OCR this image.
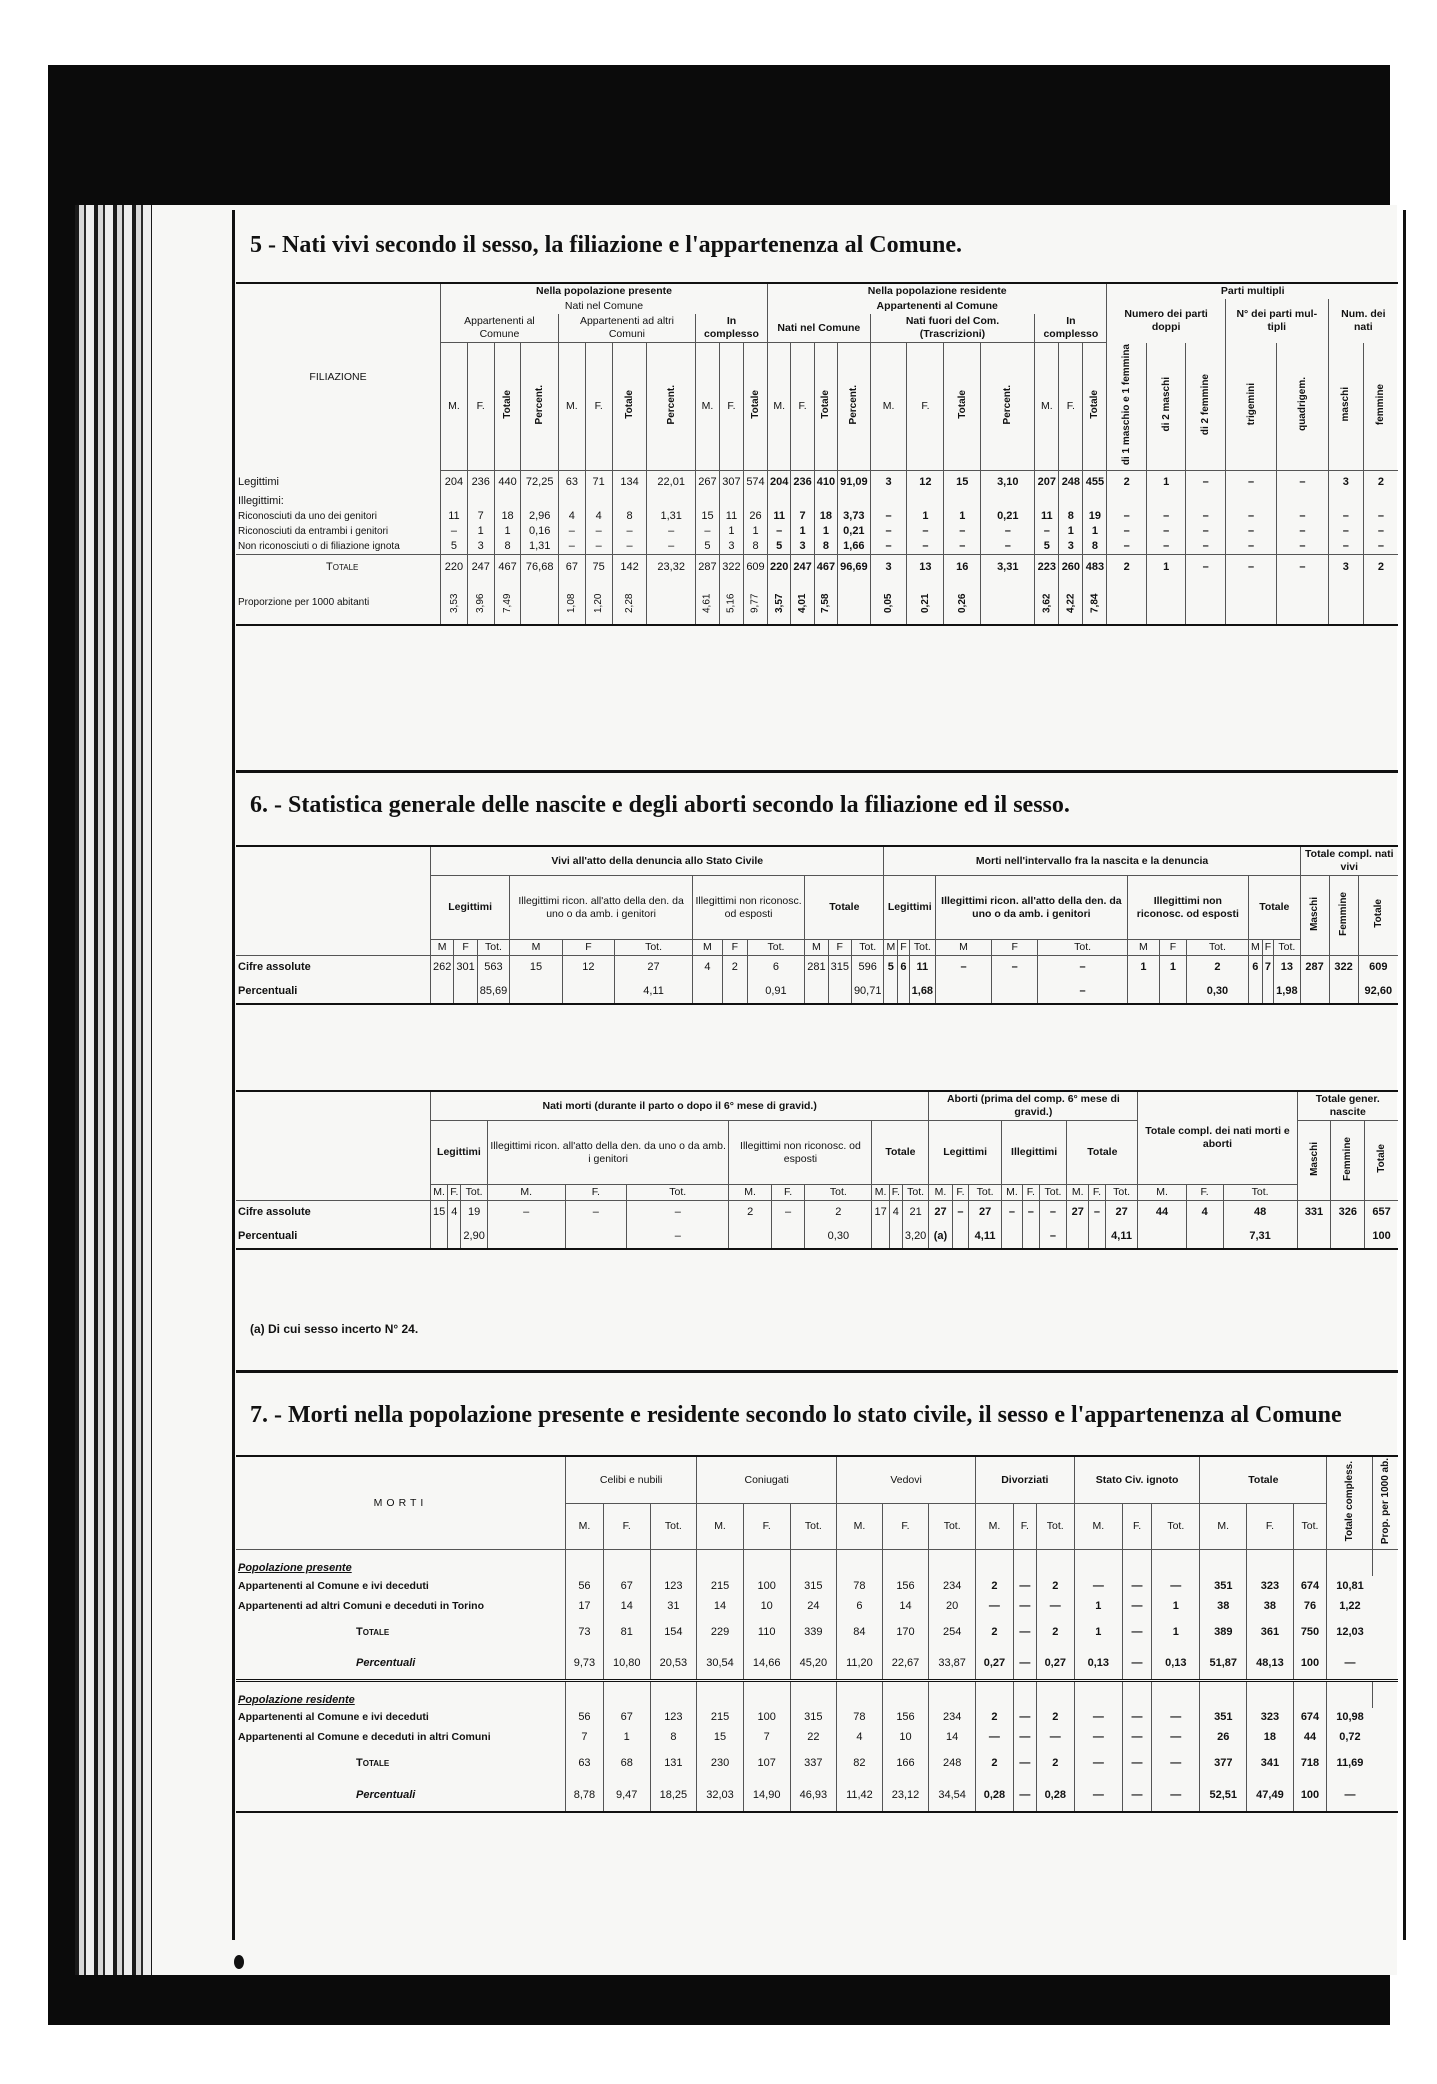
5 - Nati vivi secondo il sesso, la filiazione e l'appartenenza al Comune.
FILIAZIONE	Nella popolazione presente											Nella popolazione residente											Parti multipli						
	Nati nel Comune											Appartenenti al Comune											Numero dei parti doppi			N° dei parti mul-tipli		Num. dei nati	
	Appartenenti al Comune				Appartenenti ad altri Comuni				In complesso			Nati nel Comune				Nati fuori del Com. (Trascrizioni)				In complesso									
	M.	F.	Totale	Percent.	M.	F.	Totale	Percent.	M.	F.	Totale	M.	F.	Totale	Percent.	M.	F.	Totale	Percent.	M.	F.	Totale	di 1 maschio e 1 femmina	di 2 maschi	di 2 femmine	trigemini	quadrigem.	maschi	femmine
Legittimi	204	236	440	72,25	63	71	134	22,01	267	307	574	204	236	410	91,09	3	12	15	3,10	207	248	455	2	1	–	–	–	3	2
Illegittimi:																													
Riconosciuti da uno dei genitori	11	7	18	2,96	4	4	8	1,31	15	11	26	11	7	18	3,73	–	1	1	0,21	11	8	19	–	–	–	–	–	–	–
Riconosciuti da entrambi i genitori	–	1	1	0,16	–	–	–	–	–	1	1	–	1	1	0,21	–	–	–	–	–	1	1	–	–	–	–	–	–	–
Non riconosciuti o di filiazione ignota	5	3	8	1,31	–	–	–	–	5	3	8	5	3	8	1,66	–	–	–	–	5	3	8	–	–	–	–	–	–	–
Totale	220	247	467	76,68	67	75	142	23,32	287	322	609	220	247	467	96,69	3	13	16	3,31	223	260	483	2	1	–	–	–	3	2
Proporzione per 1000 abitanti	3,53	3,96	7,49		1,08	1,20	2,28		4,61	5,16	9,77	3,57	4,01	7,58		0,05	0,21	0,26		3,62	4,22	7,84							
6. - Statistica generale delle nascite e degli aborti secondo la filiazione ed il sesso.
	Vivi all'atto della denuncia allo Stato Civile												Morti nell'intervallo fra la nascita e la denuncia												Totale compl. nati vivi		
	Legittimi			Illegittimi ricon. all'atto della den. da uno o da amb. i genitori			Illegittimi non riconosc. od esposti			Totale			Legittimi			Illegittimi ricon. all'atto della den. da uno o da amb. i genitori			Illegittimi non riconosc. od esposti			Totale			Maschi	Femmine	Totale
	M	F	Tot.	M	F	Tot.	M	F	Tot.	M	F	Tot.	M	F	Tot.	M	F	Tot.	M	F	Tot.	M	F	Tot.			
Cifre assolute	262	301	563	15	12	27	4	2	6	281	315	596	5	6	11	–	–	–	1	1	2	6	7	13	287	322	609
Percentuali			85,69			4,11			0,91			90,71			1,68			–			0,30			1,98			92,60
	Nati morti (durante il parto o dopo il 6° mese di gravid.)												Aborti (prima del comp. 6° mese di gravid.)									Totale compl. dei nati morti e aborti			Totale gener. nascite		
	Legittimi			Illegittimi ricon. all'atto della den. da uno o da amb. i genitori			Illegittimi non riconosc. od esposti			Totale			Legittimi			Illegittimi			Totale						Maschi	Femmine	Totale
	M.	F.	Tot.	M.	F.	Tot.	M.	F.	Tot.	M.	F.	Tot.	M.	F.	Tot.	M.	F.	Tot.	M.	F.	Tot.	M.	F.	Tot.			
Cifre assolute	15	4	19	–	–	–	2	–	2	17	4	21	27	–	27	–	–	–	27	–	27	44	4	48	331	326	657
Percentuali			2,90			–			0,30			3,20	(a)		4,11			–			4,11			7,31			100
(a) Di cui sesso incerto N° 24.
7. - Morti nella popolazione presente e residente secondo lo stato civile, il sesso e l'appartenenza al Comune
MORTI	Celibi e nubili			Coniugati			Vedovi			Divorziati			Stato Civ. ignoto			Totale			Totale compless.	Prop. per 1000 ab.
	M.	F.	Tot.	M.	F.	Tot.	M.	F.	Tot.	M.	F.	Tot.	M.	F.	Tot.	M.	F.	Tot.		
Popolazione presente																				
Appartenenti al Comune e ivi deceduti	56	67	123	215	100	315	78	156	234	2	—	2	—	—	—	351	323	674	10,81	
Appartenenti ad altri Comuni e deceduti in Torino	17	14	31	14	10	24	6	14	20	—	—	—	1	—	1	38	38	76	1,22	
Totale	73	81	154	229	110	339	84	170	254	2	—	2	1	—	1	389	361	750	12,03	
Percentuali	9,73	10,80	20,53	30,54	14,66	45,20	11,20	22,67	33,87	0,27	—	0,27	0,13	—	0,13	51,87	48,13	100	—	
Popolazione residente																				
Appartenenti al Comune e ivi deceduti	56	67	123	215	100	315	78	156	234	2	—	2	—	—	—	351	323	674	10,98	
Appartenenti al Comune e deceduti in altri Comuni	7	1	8	15	7	22	4	10	14	—	—	—	—	—	—	26	18	44	0,72	
Totale	63	68	131	230	107	337	82	166	248	2	—	2	—	—	—	377	341	718	11,69	
Percentuali	8,78	9,47	18,25	32,03	14,90	46,93	11,42	23,12	34,54	0,28	—	0,28	—	—	—	52,51	47,49	100	—	
